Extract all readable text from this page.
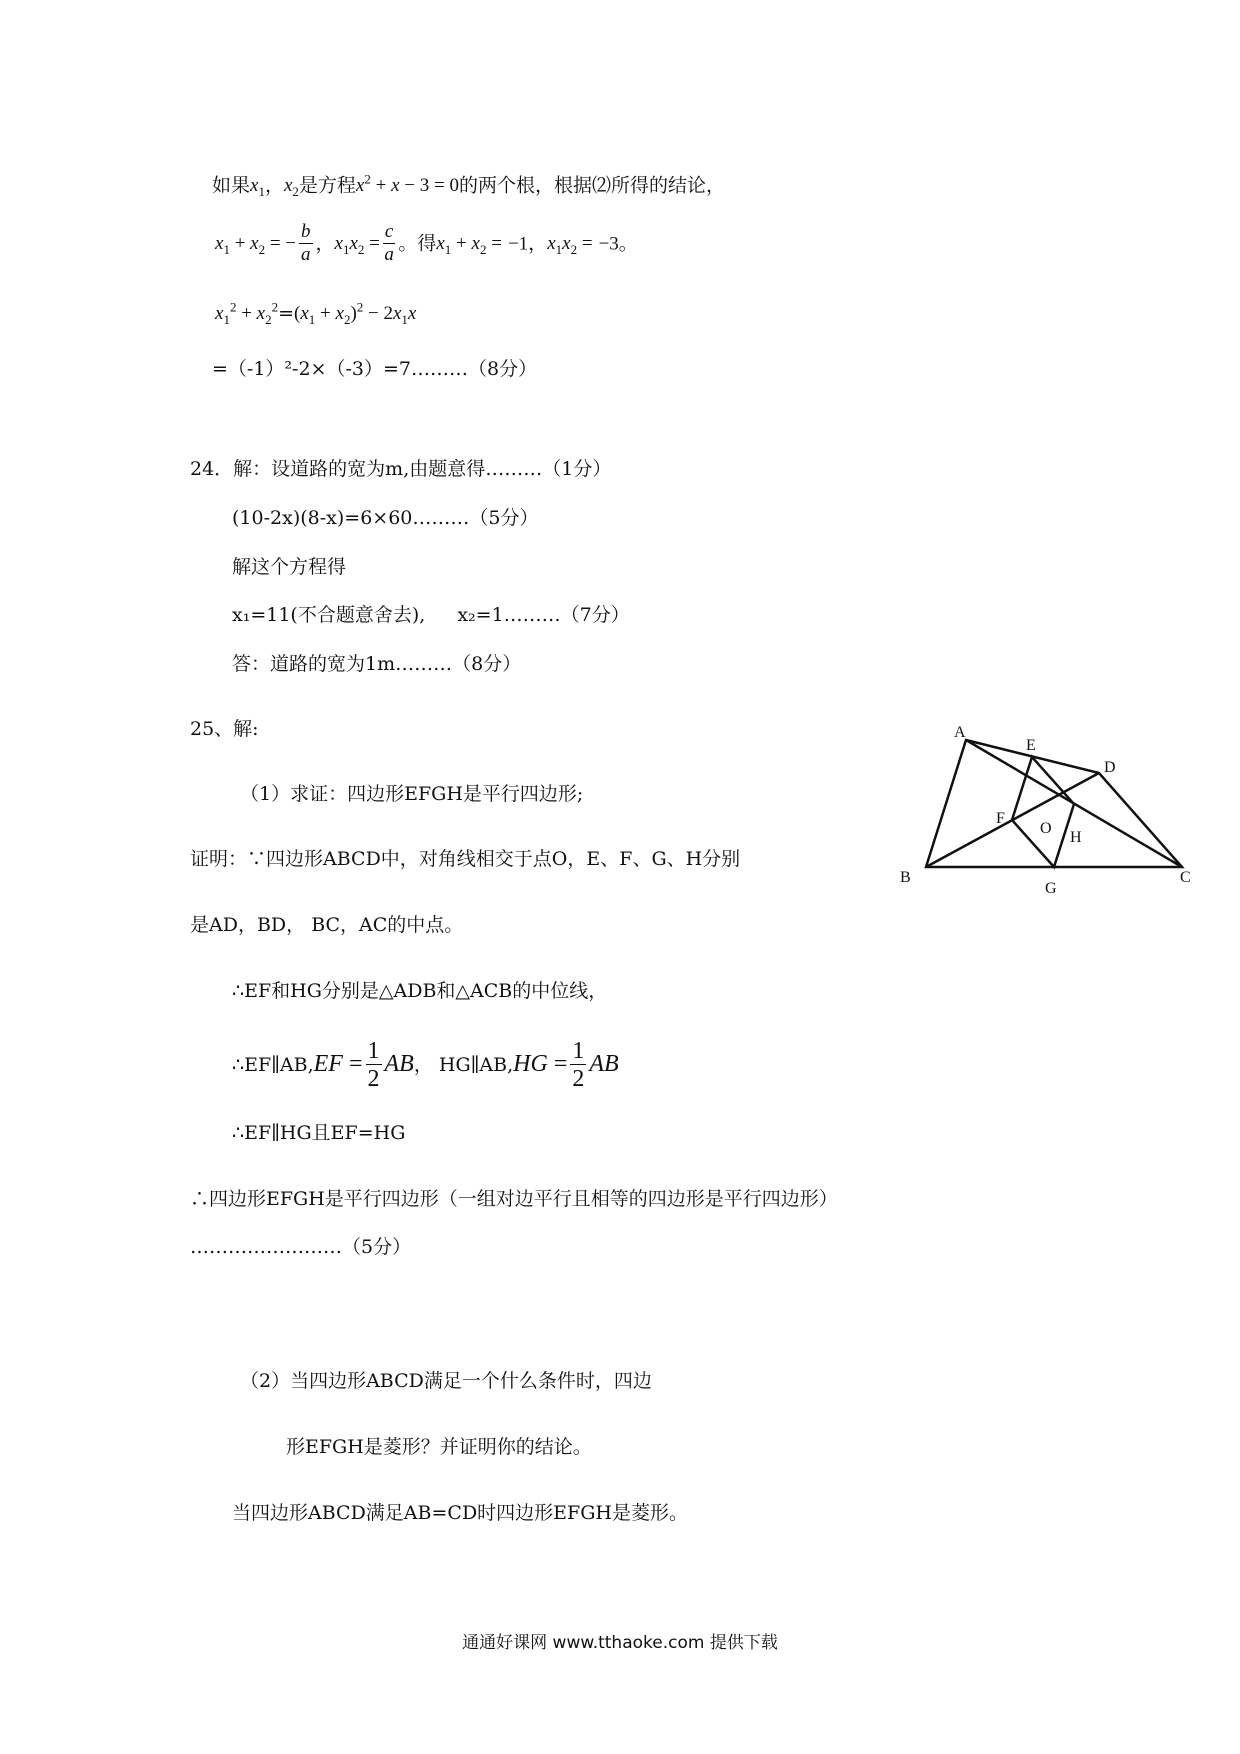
如果$x_1$，$x_2$是方程$x^2 + x - 3 = 0$的两个根，根据⑵所得的结论，
$x_1 + x_2$ = − $\frac{b}{a}$ ，$x_1x_2 = \frac{c}{a}$ 。得$x_1 + x_2 = -1$，$x_1x_2 = -3$。
$x_1^2 + x_2^2=(x_1 + x_2)^2 - 2x_1x$
=（-1）²-2×（-3）=7………（8分）
24．解：设道路的宽为m,由题意得………（1分）
(10-2x)(8-x)=6×60………（5分）
解这个方程得
x₁=11(不合题意舍去), x₂=1………（7分）
答：道路的宽为1m………（8分）
25、解:
（1）求证：四边形EFGH是平行四边形;
证明：∵四边形ABCD中，对角线相交于点O，E、F、G、H分别
是AD，BD， BC，AC的中点。
∴EF和HG分别是△ADB和△ACB的中位线，
∴EF∥AB,EF = $\frac{1}{2}$ AB， HG∥AB,HG = $\frac{1}{2}$ AB
∴EF∥HG且EF=HG
∴四边形EFGH是平行四边形（一组对边平行且相等的四边形是平行四边形）
……………………（5分）
（2）当四边形ABCD满足一个什么条件时，四边
形EFGH是菱形？并证明你的结论。
当四边形ABCD满足AB=CD时四边形EFGH是菱形。
A
E
D
F
O
H
B
G
C
通通好课网 www.tthaoke.com 提供下载
